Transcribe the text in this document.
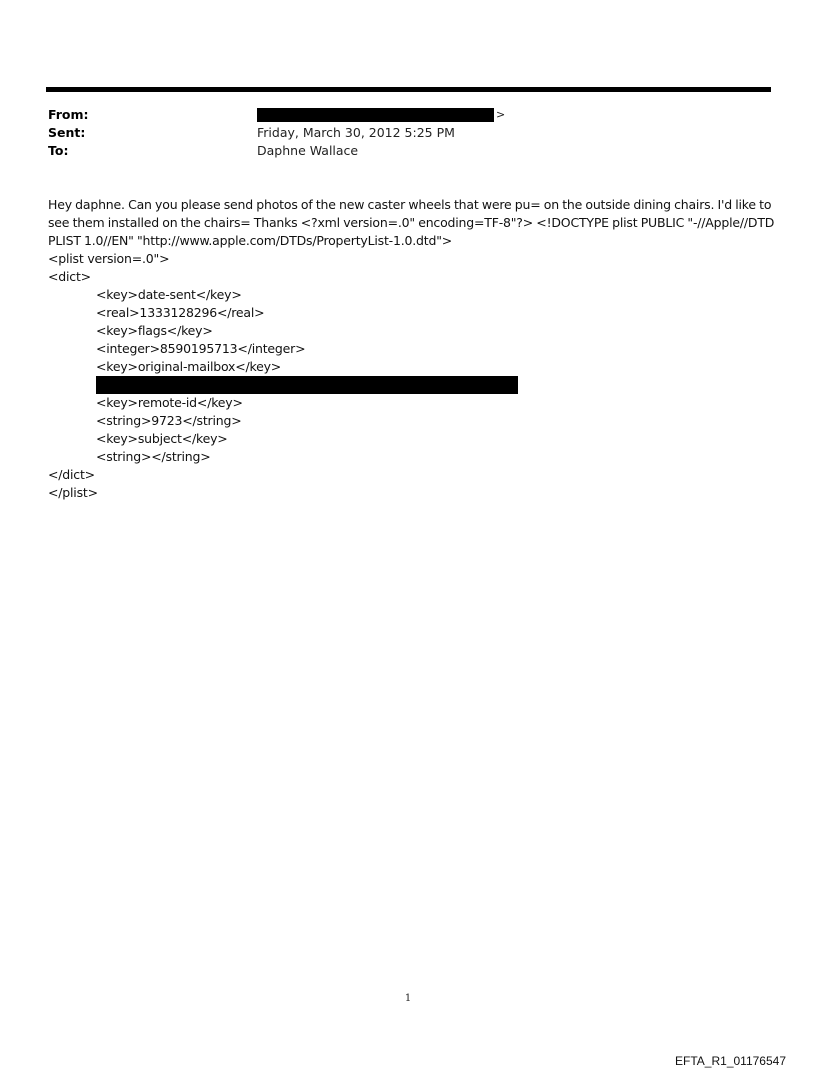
From:	>
Sent:	Friday, March 30, 2012 5:25 PM
To:	Daphne Wallace

Hey daphne. Can you please send photos of the new caster wheels that were pu= on the outside dining chairs. I'd like to see them installed on the chairs= Thanks <?xml version=.0" encoding=TF-8"?> <!DOCTYPE plist PUBLIC "-//Apple//DTD PLIST 1.0//EN" "http://www.apple.com/DTDs/PropertyList-1.0.dtd">

<plist version=.0">
<dict>
<key>date-sent</key>
<real>1333128296</real>
<key>flags</key>
<integer>8590195713</integer>
<key>original-mailbox</key>
<key>remote-id</key>
<string>9723</string>
<key>subject</key>
<string></string>
</dict>
</plist>
1
EFTA_R1_01176547
